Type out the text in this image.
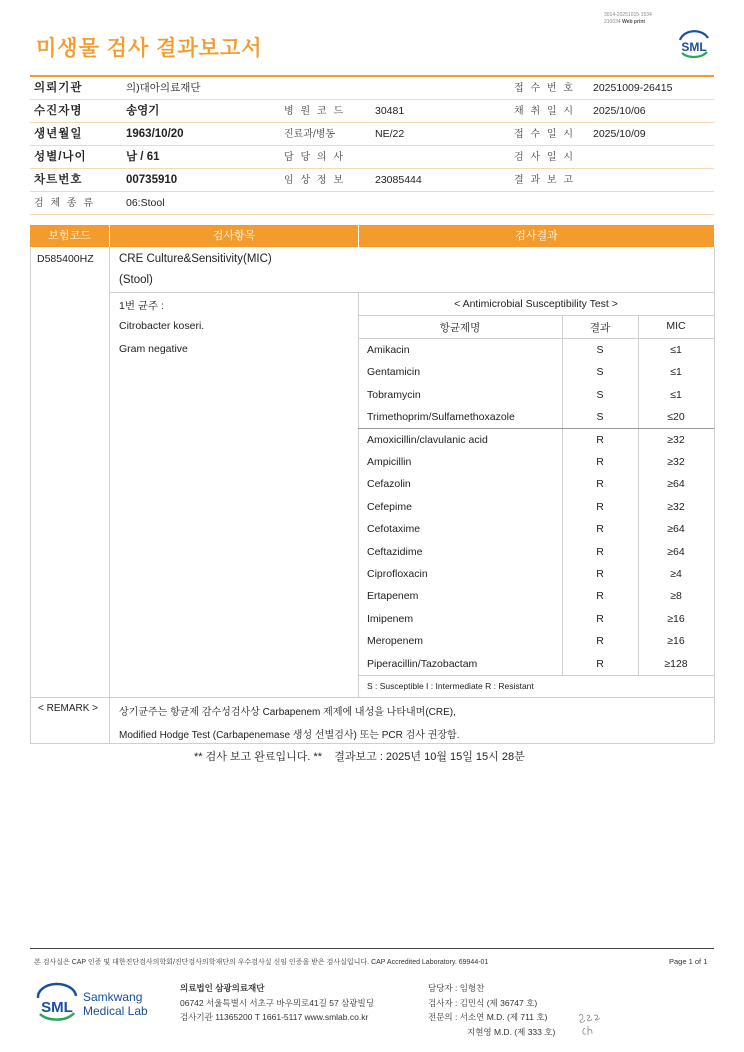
3014-20251015-1534
210034 Web print
미생물 검사 결과보고서	SML
의뢰기관	의)대아의료재단	접 수 번 호 20251009-26415
수진자명	송영기	병 원 코 드	30481	채 취 일 시 2025/10/06
생년월일	1963/10/20	진료과/병동	NE/22	접 수 일 시 2025/10/09
성별/나이	남 / 61	담 당 의 사	검 사 일 시
차트번호	00735910	임 상 정 보	23085444	결 과 보 고
검 체 종 류	06:Stool
보험코드	검사항목	검사결과
D585400HZ CRE Culture&Sensitivity(MIC)
(Stool)
1번 균주 :
Citrobacter koseri.
Gram negative
< Antimicrobial Susceptibility Test >
항균제명	결과	MIC
Amikacin	S	≤1
Gentamicin	S	≤1
Tobramycin	S	≤1
Trimethoprim/Sulfamethoxazole	S	≤20
Amoxicillin/clavulanic acid	R	≥32
Ampicillin	R	≥32
Cefazolin	R	≥64
Cefepime	R	≥32
Cefotaxime	R	≥64
Ceftazidime	R	≥64
Ciprofloxacin	R	≥4
Ertapenem	R	≥8
Imipenem	R	≥16
Meropenem	R	≥16
Piperacillin/Tazobactam	R	≥128
S : Susceptible I : Intermediate R : Resistant
< REMARK > 상기균주는 항균제 감수성검사상 Carbapenem 제제에 내성을 나타내며(CRE),
Modified Hodge Test (Carbapenemase 생성 선별검사) 또는 PCR 검사 권장함.
** 검사 보고 완료입니다. **    결과보고 : 2025년 10월 15일 15시 28분
본 검사실은 CAP 인증 및 대한진단검사의학회/진단검사의학재단의 우수검사실 신임 인증을 받은 검사실입니다. CAP Accredited Laboratory. 69944-01	Page 1 of 1
SML
Samkwang
Medical Lab
의료법인 삼광의료재단
06742 서울특별시 서초구 바우뫼로41길 57 삼광빌딩
검사기관 11365200 T 1661-5117 www.smlab.co.kr
담당자 : 임형찬
검사자 : 김민식 (제 36747 호)
전문의 : 서소연 M.D. (제 711 호)
지현영 M.D. (제 333 호)
